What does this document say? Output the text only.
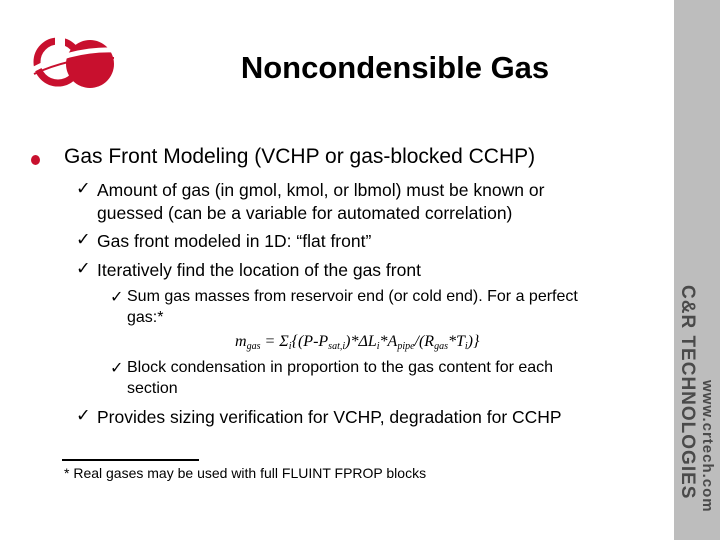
Noncondensible Gas
Gas Front Modeling (VCHP or gas-blocked CCHP)
✓ Amount of gas (in gmol, kmol, or lbmol) must be known or
guessed (can be a variable for automated correlation)
✓ Gas front modeled in 1D: “flat front”
✓ Iteratively find the location of the gas front
✓ Sum gas masses from reservoir end (or cold end). For a perfect
gas:*
$m_{gas} = \Sigma_i\{(P-P_{sat,i})*\Delta L_i*A_{pipe}/(R_{gas}*T_i)\}$
✓ Block condensation in proportion to the gas content for each
section
✓ Provides sizing verification for VCHP, degradation for CCHP
* Real gases may be used with full FLUINT FPROP blocks	C&R TECHNOLOGIES www.crtech.com
